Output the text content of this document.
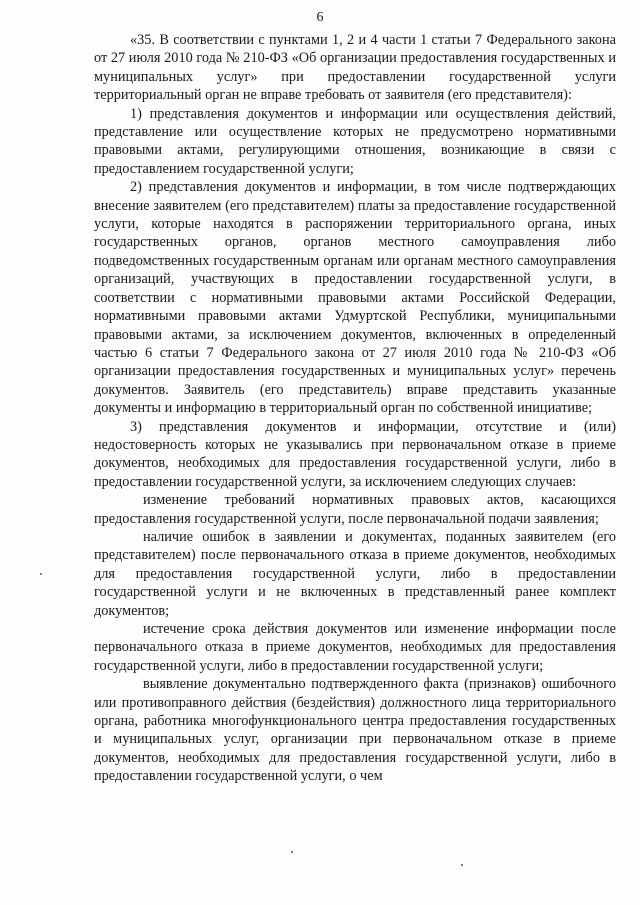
6

«35. В соответствии с пунктами 1, 2 и 4 части 1 статьи 7 Федерального закона от 27 июля 2010 года № 210-ФЗ «Об организации предоставления государственных и муниципальных услуг» при предоставлении государственной услуги территориальный орган не вправе требовать от заявителя (его представителя):

1) представления документов и информации или осуществления действий, представление или осуществление которых не предусмотрено нормативными правовыми актами, регулирующими отношения, возникающие в связи с предоставлением государственной услуги;

2) представления документов и информации, в том числе подтверждающих внесение заявителем (его представителем) платы за предоставление государственной услуги, которые находятся в распоряжении территориального органа, иных государственных органов, органов местного самоуправления либо подведомственных государственным органам или органам местного самоуправления организаций, участвующих в предоставлении государственной услуги, в соответствии с нормативными правовыми актами Российской Федерации, нормативными правовыми актами Удмуртской Республики, муниципальными правовыми актами, за исключением документов, включенных в определенный частью 6 статьи 7 Федерального закона от 27 июля 2010 года № 210-ФЗ «Об организации предоставления государственных и муниципальных услуг» перечень документов. Заявитель (его представитель) вправе представить указанные документы и информацию в территориальный орган по собственной инициативе;

3) представления документов и информации, отсутствие и (или) недостоверность которых не указывались при первоначальном отказе в приеме документов, необходимых для предоставления государственной услуги, либо в предоставлении государственной услуги, за исключением следующих случаев:

изменение требований нормативных правовых актов, касающихся предоставления государственной услуги, после первоначальной подачи заявления;

наличие ошибок в заявлении и документах, поданных заявителем (его представителем) после первоначального отказа в приеме документов, необходимых для предоставления государственной услуги, либо в предоставлении государственной услуги и не включенных в представленный ранее комплект документов;

истечение срока действия документов или изменение информации после первоначального отказа в приеме документов, необходимых для предоставления государственной услуги, либо в предоставлении государственной услуги;

выявление документально подтвержденного факта (признаков) ошибочного или противоправного действия (бездействия) должностного лица территориального органа, работника многофункционального центра предоставления государственных и муниципальных услуг, организации при первоначальном отказе в приеме документов, необходимых для предоставления государственной услуги, либо в предоставлении государственной услуги, о чем
